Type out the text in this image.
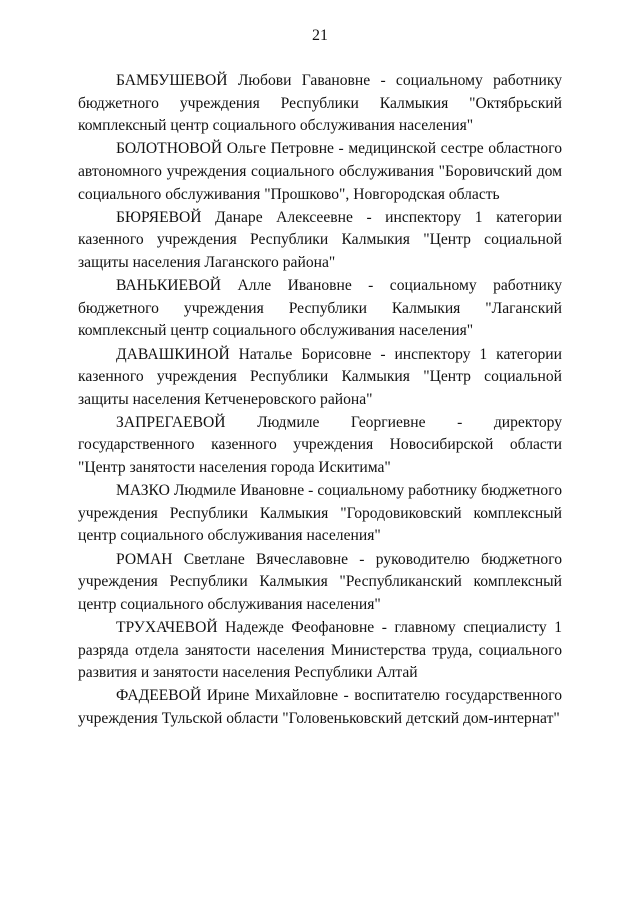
21

БАМБУШЕВОЙ Любови Гавановне - социальному работнику бюджетного учреждения Республики Калмыкия "Октябрьский комплексный центр социального обслуживания населения"

БОЛОТНОВОЙ Ольге Петровне - медицинской сестре областного автономного учреждения социального обслуживания "Боровичский дом социального обслуживания "Прошково", Новгородская область

БЮРЯЕВОЙ Данаре Алексеевне - инспектору 1 категории казенного учреждения Республики Калмыкия "Центр социальной защиты населения Лаганского района"

ВАНЬКИЕВОЙ Алле Ивановне - социальному работнику бюджетного учреждения Республики Калмыкия "Лаганский комплексный центр социального обслуживания населения"

ДАВАШКИНОЙ Наталье Борисовне - инспектору 1 категории казенного учреждения Республики Калмыкия "Центр социальной защиты населения Кетченеровского района"

ЗАПРЕГАЕВОЙ Людмиле Георгиевне - директору государственного казенного учреждения Новосибирской области "Центр занятости населения города Искитима"

МАЗКО Людмиле Ивановне - социальному работнику бюджетного учреждения Республики Калмыкия "Городовиковский комплексный центр социального обслуживания населения"

РОМАН Светлане Вячеславовне - руководителю бюджетного учреждения Республики Калмыкия "Республиканский комплексный центр социального обслуживания населения"

ТРУХАЧЕВОЙ Надежде Феофановне - главному специалисту 1 разряда отдела занятости населения Министерства труда, социального развития и занятости населения Республики Алтай

ФАДЕЕВОЙ Ирине Михайловне - воспитателю государственного учреждения Тульской области "Головеньковский детский дом-интернат"
